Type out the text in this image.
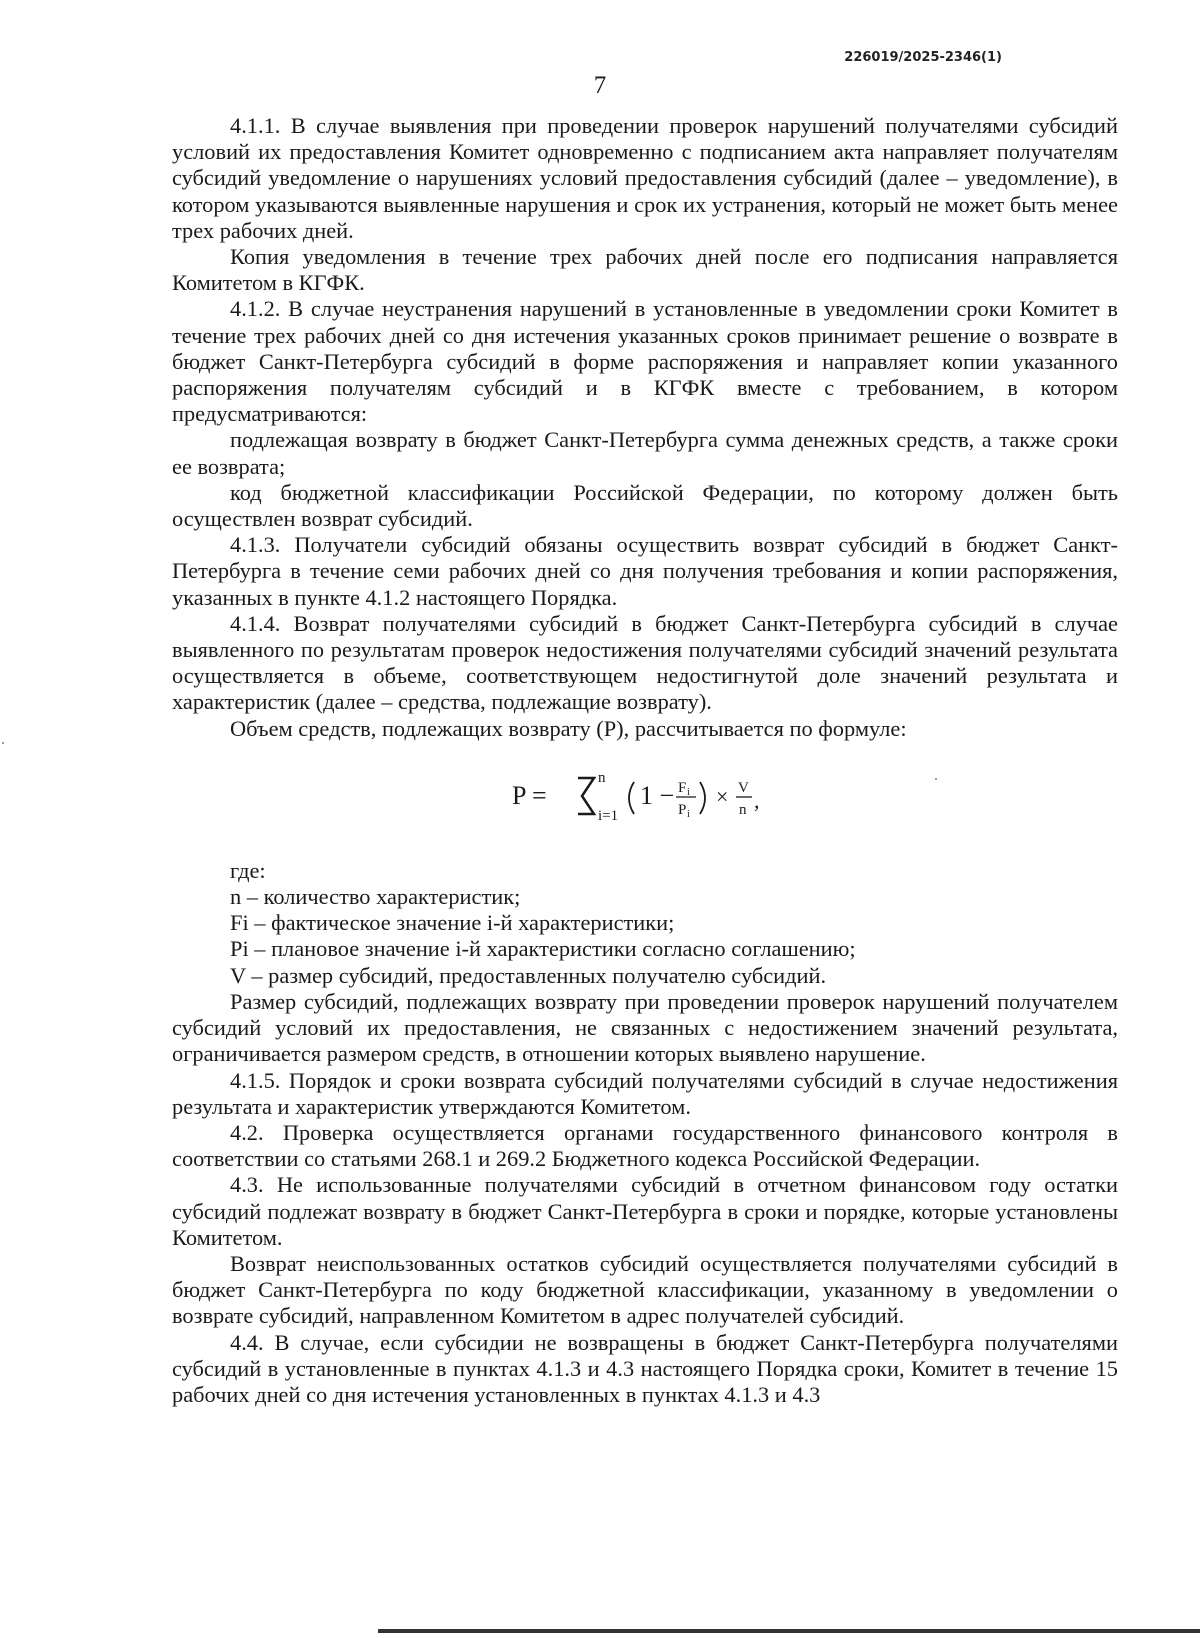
226019/2025-2346(1)
7

4.1.1. В случае выявления при проведении проверок нарушений получателями субсидий условий их предоставления Комитет одновременно с подписанием акта направляет получателям субсидий уведомление о нарушениях условий предоставления субсидий (далее – уведомление), в котором указываются выявленные нарушения и срок их устранения, который не может быть менее трех рабочих дней.

Копия уведомления в течение трех рабочих дней после его подписания направляется Комитетом в КГФК.

4.1.2. В случае неустранения нарушений в установленные в уведомлении сроки Комитет в течение трех рабочих дней со дня истечения указанных сроков принимает решение о возврате в бюджет Санкт-Петербурга субсидий в форме распоряжения и направляет копии указанного распоряжения получателям субсидий и в КГФК вместе с требованием, в котором предусматриваются:

подлежащая возврату в бюджет Санкт-Петербурга сумма денежных средств, а также сроки ее возврата;

код бюджетной классификации Российской Федерации, по которому должен быть осуществлен возврат субсидий.

4.1.3. Получатели субсидий обязаны осуществить возврат субсидий в бюджет Санкт-Петербурга в течение семи рабочих дней со дня получения требования и копии распоряжения, указанных в пункте 4.1.2 настоящего Порядка.

4.1.4. Возврат получателями субсидий в бюджет Санкт-Петербурга субсидий в случае выявленного по результатам проверок недостижения получателями субсидий значений результата осуществляется в объеме, соответствующем недостигнутой доле значений результата и характеристик (далее – средства, подлежащие возврату).

Объем средств, подлежащих возврату (Р), рассчитывается по формуле:

P =
n
i=1
1 − F i
P i
× V
n ,

где:

n – количество характеристик;

Fi – фактическое значение i-й характеристики;

Pi – плановое значение i-й характеристики согласно соглашению;

V – размер субсидий, предоставленных получателю субсидий.

Размер субсидий, подлежащих возврату при проведении проверок нарушений получателем субсидий условий их предоставления, не связанных с недостижением значений результата, ограничивается размером средств, в отношении которых выявлено нарушение.

4.1.5. Порядок и сроки возврата субсидий получателями субсидий в случае недостижения результата и характеристик утверждаются Комитетом.

4.2. Проверка осуществляется органами государственного финансового контроля в соответствии со статьями 268.1 и 269.2 Бюджетного кодекса Российской Федерации.

4.3. Не использованные получателями субсидий в отчетном финансовом году остатки субсидий подлежат возврату в бюджет Санкт-Петербурга в сроки и порядке, которые установлены Комитетом.

Возврат неиспользованных остатков субсидий осуществляется получателями субсидий в бюджет Санкт-Петербурга по коду бюджетной классификации, указанному в уведомлении о возврате субсидий, направленном Комитетом в адрес получателей субсидий.

4.4. В случае, если субсидии не возвращены в бюджет Санкт-Петербурга получателями субсидий в установленные в пунктах 4.1.3 и 4.3 настоящего Порядка сроки, Комитет в течение 15 рабочих дней со дня истечения установленных в пунктах 4.1.3 и 4.3
